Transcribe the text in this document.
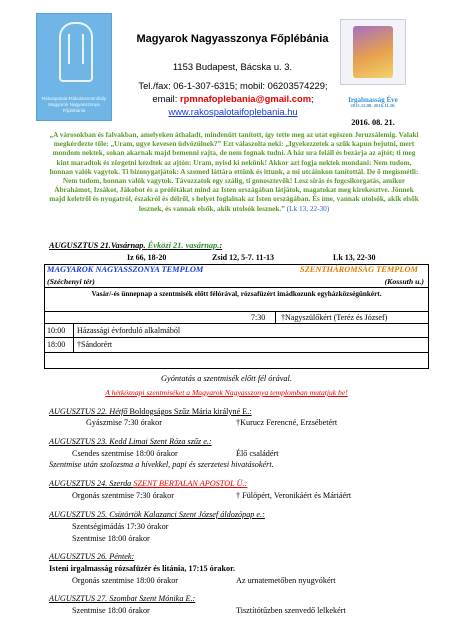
Rákospalota-Rákosszentmihály Magyarok Nagyasszonya Főplébánia
Magyarok Nagyasszonya Főplébánia
1153 Budapest, Bácska u. 3.
Tel./fax: 06-1-307-6315; mobil: 06203574229;
email: rpmnafoplebania@gmail.com;
www.rakospalotaifoplebania.hu
Irgalmasság Éve
2015.12.08.-2016.11.20.
2016. 08. 21.
„A városokban és falvakban, amelyeken áthaladt, mindenütt tanított, így tette meg az utat egészen Jeruzsálemig. Valaki megkérdezte tőle: „Uram, ugye kevesen üdvözülnek?” Ezt válaszolta neki: „Igyekezzetek a szűk kapun bejutni, mert mondom nektek, sokan akarnak majd bemenni rajta, de nem fognak tudni. A ház ura feláll és bezárja az ajtót; ti meg kint maradtok és zörgetni kezdtek az ajtón: Uram, nyisd ki nekünk! Akkor azt fogja nektek mondani: Nem tudom, honnan valók vagytok. Ti bizonygatjátok: A szemed láttára ettünk és ittunk, a mi utcáinkon tanítottál. De ő megismétli: Nem tudom, honnan valók vagytok. Távozzatok egy szálig, ti gonosztevők! Lesz sírás és fogcsikorgatás, amikor Ábrahámot, Izsákot, Jákobot és a prófétákat mind az Isten országában látjátok, magatokat meg kirekesztve. Jönnek majd keletről és nyugatról, északról és délről, s helyet foglalnak az Isten országában. És íme, vannak utolsók, akik elsők lesznek, és vannak elsők, akik utolsók lesznek.” (Lk 13, 22-30)
AUGUSZTUS 21.Vasárnap. Évközi 21. vasárnap.:
Iz 66, 18-20	Zsid 12, 5-7. 11-13	Lk 13, 22-30
MAGYAROK NAGYASSZONYA TEMPLOM	SZENTHÁROMSÁG TEMPLOM
(Széchenyi tér)	(Kossuth u.)
Vasár/-és ünnepnap a szentmisék előtt félórával, rózsafüzért imádkozunk egyházközségünkért.
7:30 †Nagyszülőkért (Teréz és József)
10:00 Házassági évforduló alkalmából
18:00 †Sándorért
Gyóntatás a szentmisék előtt fél órával.
A hétköznapi szentmiséket a Magyarok Nagyasszonya templomban mutatjuk be!
AUGUSZTUS 22. Hétfő Boldogságos Szűz Mária királyné E.:
Gyászmise 7:30 órakor	†Kurucz Ferencné, Erzsébetért
AUGUSZTUS 23. Kedd Limai Szent Róza szűz e.:
Csendes szentmise 18:00 órakor	Élő családért
Szentmise után szolozsma a hívekkel, papi és szerzetesi hivatásokért.
AUGUSZTUS 24. Szerda SZENT BERTALAN APOSTOL Ü.:
Orgonás szentmise 7:30 órakor	† Fülöpért, Veronikáért és Máriáért
AUGUSZTUS 25. Csütörtök Kalazanci Szent József áldozópap e.:
Szentségimádás 17:30 órakor
Szentmise 18:00 órakor
AUGUSZTUS 26. Péntek:
Isteni irgalmasság rózsafüzér és litánia, 17:15 órakor.
Orgonás szentmise 18:00 órakor	Az urnatemetőben nyugvókért
AUGUSZTUS 27. Szombat Szent Mónika E.:
Szentmise 18:00 órakor	Tisztítótűzben szenvedő lelkekért
